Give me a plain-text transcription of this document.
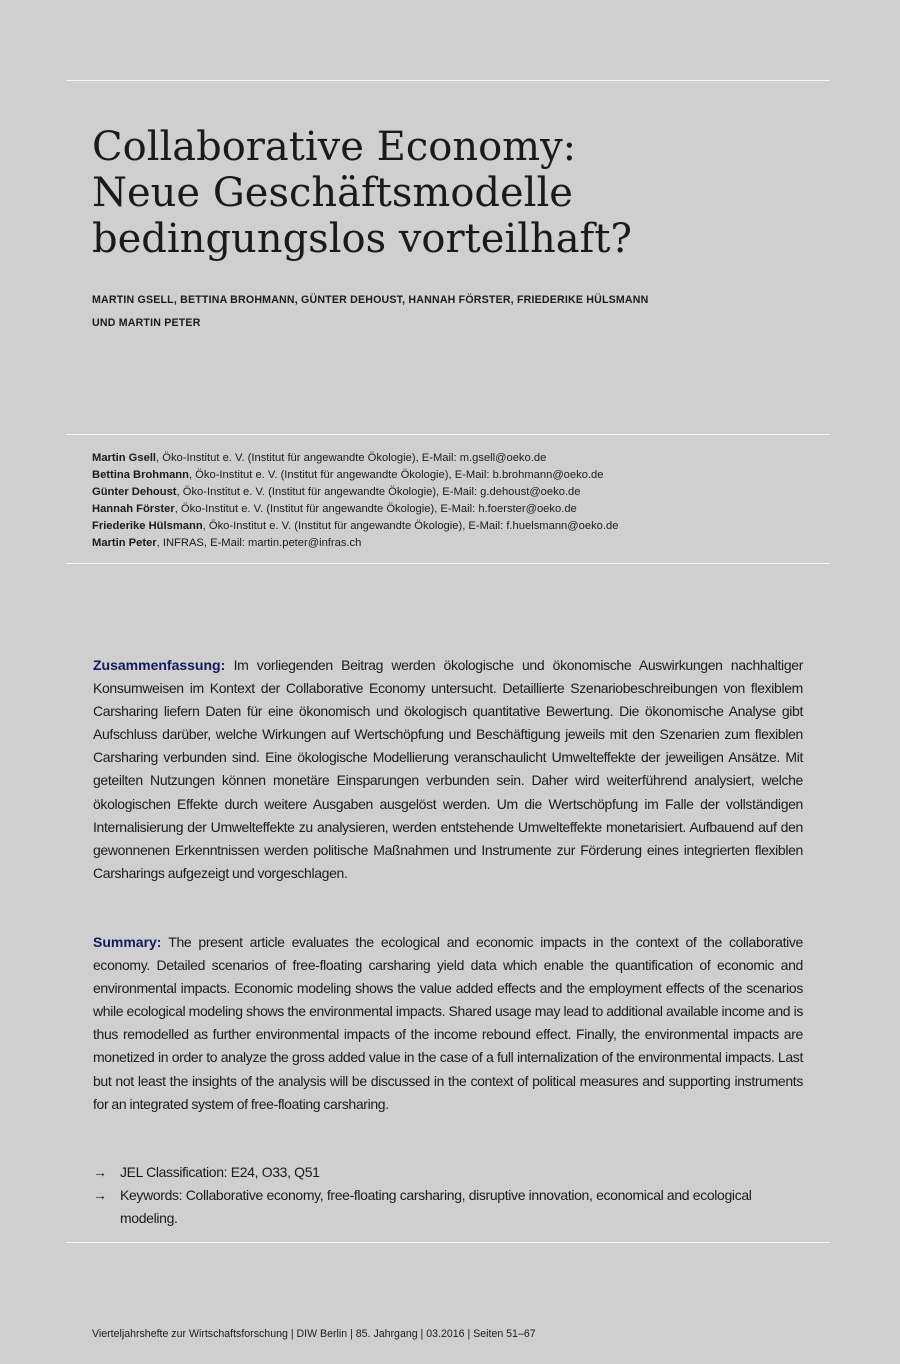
Collaborative Economy:
Neue Geschäftsmodelle
bedingungslos vorteilhaft?
MARTIN GSELL, BETTINA BROHMANN, GÜNTER DEHOUST, HANNAH FÖRSTER, FRIEDERIKE HÜLSMANN
UND MARTIN PETER
Martin Gsell, Öko-Institut e. V. (Institut für angewandte Ökologie), E-Mail: m.gsell@oeko.de
Bettina Brohmann, Öko-Institut e. V. (Institut für angewandte Ökologie), E-Mail: b.brohmann@oeko.de
Günter Dehoust, Öko-Institut e. V. (Institut für angewandte Ökologie), E-Mail: g.dehoust@oeko.de
Hannah Förster, Öko-Institut e. V. (Institut für angewandte Ökologie), E-Mail: h.foerster@oeko.de
Friederike Hülsmann, Öko-Institut e. V. (Institut für angewandte Ökologie), E-Mail: f.huelsmann@oeko.de
Martin Peter, INFRAS, E-Mail: martin.peter@infras.ch

Zusammenfassung: Im vorliegenden Beitrag werden ökologische und ökonomische Auswirkungen nachhaltiger Konsumweisen im Kontext der Collaborative Economy untersucht. Detaillierte Szenariobeschreibungen von flexiblem Carsharing liefern Daten für eine ökonomisch und ökologisch quantitative Bewertung. Die ökonomische Analyse gibt Aufschluss darüber, welche Wirkungen auf Wertschöpfung und Beschäftigung jeweils mit den Szenarien zum flexiblen Carsharing verbunden sind. Eine ökologische Modellierung veranschaulicht Umwelteffekte der jeweiligen Ansätze. Mit geteilten Nutzungen können monetäre Einsparungen verbunden sein. Daher wird weiterführend analysiert, welche ökologischen Effekte durch weitere Ausgaben ausgelöst werden. Um die Wertschöpfung im Falle der vollständigen Internalisierung der Umwelteffekte zu analysieren, werden entstehende Umwelteffekte monetarisiert. Aufbauend auf den gewonnenen Erkenntnissen werden politische Maßnahmen und Instrumente zur Förderung eines integrierten flexiblen Carsharings aufgezeigt und vorgeschlagen.

Summary: The present article evaluates the ecological and economic impacts in the context of the collaborative economy. Detailed scenarios of free-floating carsharing yield data which enable the quantification of economic and environmental impacts. Economic modeling shows the value added effects and the employment effects of the scenarios while ecological modeling shows the environmental impacts. Shared usage may lead to additional available income and is thus remodelled as further environmental impacts of the income rebound effect. Finally, the environmental impacts are monetized in order to analyze the gross added value in the case of a full internalization of the environmental impacts. Last but not least the insights of the analysis will be discussed in the context of political measures and supporting instruments for an integrated system of free-floating carsharing.

→ JEL Classification: E24, O33, Q51
→ Keywords: Collaborative economy, free-floating carsharing, disruptive innovation, economical and ecological modeling.
Vierteljahrshefte zur Wirtschaftsforschung | DIW Berlin | 85. Jahrgang | 03.2016 | Seiten 51–67
